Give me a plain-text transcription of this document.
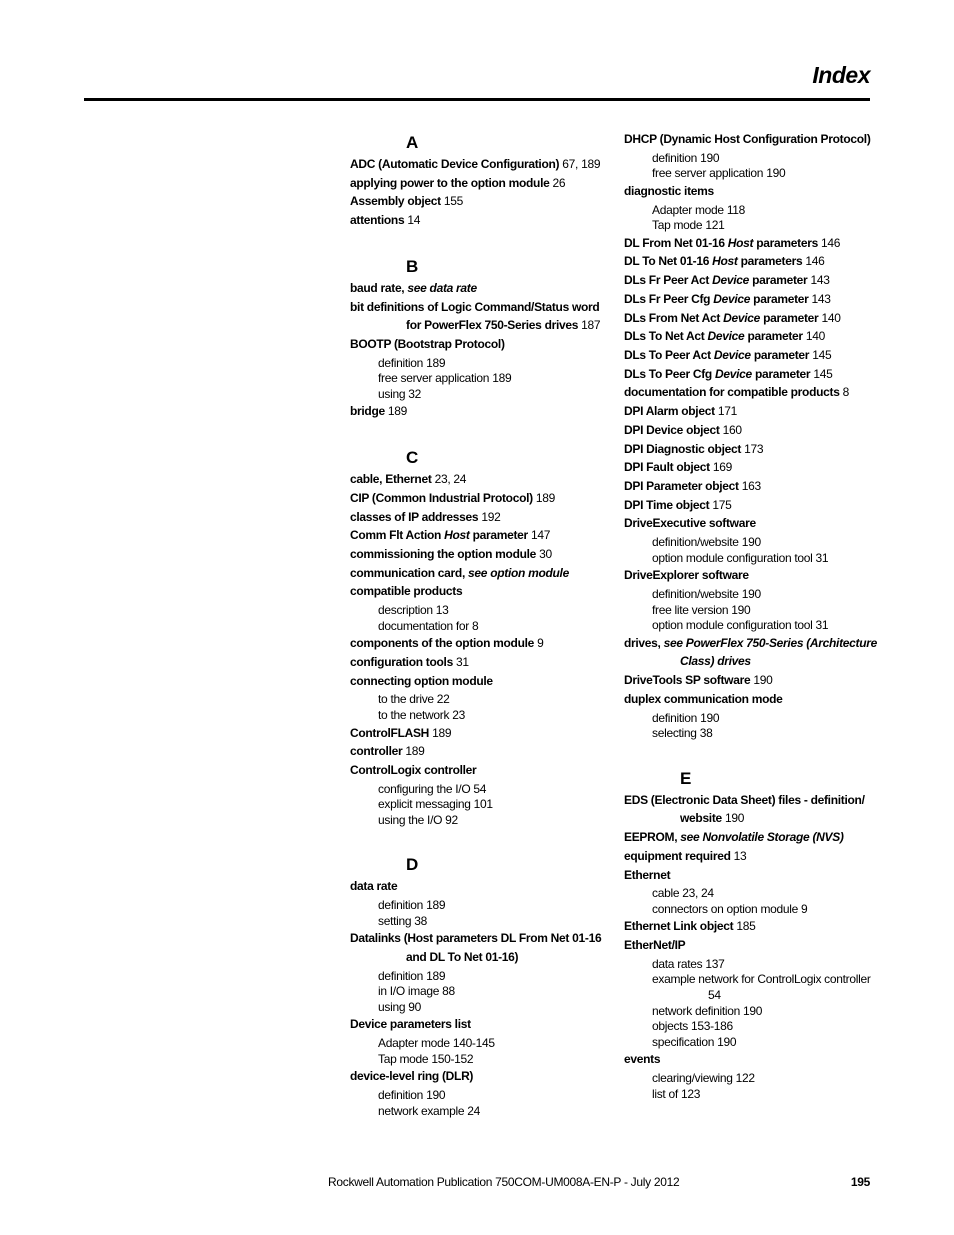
Index
A
ADC (Automatic Device Configuration) 67, 189
applying power to the option module 26
Assembly object 155
attentions 14
B
baud rate, see data rate
bit definitions of Logic Command/Status word
for PowerFlex 750-Series drives 187
BOOTP (Bootstrap Protocol)
definition 189
free server application 189
using 32
bridge 189
C
cable, Ethernet 23, 24
CIP (Common Industrial Protocol) 189
classes of IP addresses 192
Comm Flt Action Host parameter 147
commissioning the option module 30
communication card, see option module
compatible products
description 13
documentation for 8
components of the option module 9
configuration tools 31
connecting option module
to the drive 22
to the network 23
ControlFLASH 189
controller 189
ControlLogix controller
configuring the I/O 54
explicit messaging 101
using the I/O 92
D
data rate
definition 189
setting 38
Datalinks (Host parameters DL From Net 01-16
and DL To Net 01-16)
definition 189
in I/O image 88
using 90
Device parameters list
Adapter mode 140-145
Tap mode 150-152
device-level ring (DLR)
definition 190
network example 24
DHCP (Dynamic Host Configuration Protocol)
definition 190
free server application 190
diagnostic items
Adapter mode 118
Tap mode 121
DL From Net 01-16 Host parameters 146
DL To Net 01-16 Host parameters 146
DLs Fr Peer Act Device parameter 143
DLs Fr Peer Cfg Device parameter 143
DLs From Net Act Device parameter 140
DLs To Net Act Device parameter 140
DLs To Peer Act Device parameter 145
DLs To Peer Cfg Device parameter 145
documentation for compatible products 8
DPI Alarm object 171
DPI Device object 160
DPI Diagnostic object 173
DPI Fault object 169
DPI Parameter object 163
DPI Time object 175
DriveExecutive software
definition/website 190
option module configuration tool 31
DriveExplorer software
definition/website 190
free lite version 190
option module configuration tool 31
drives, see PowerFlex 750-Series (Architecture
Class) drives
DriveTools SP software 190
duplex communication mode
definition 190
selecting 38
E
EDS (Electronic Data Sheet) files - definition/
website 190
EEPROM, see Nonvolatile Storage (NVS)
equipment required 13
Ethernet
cable 23, 24
connectors on option module 9
Ethernet Link object 185
EtherNet/IP
data rates 137
example network for ControlLogix controller
54
network definition 190
objects 153-186
specification 190
events
clearing/viewing 122
list of 123
Rockwell Automation Publication 750COM-UM008A-EN-P - July 2012	195
